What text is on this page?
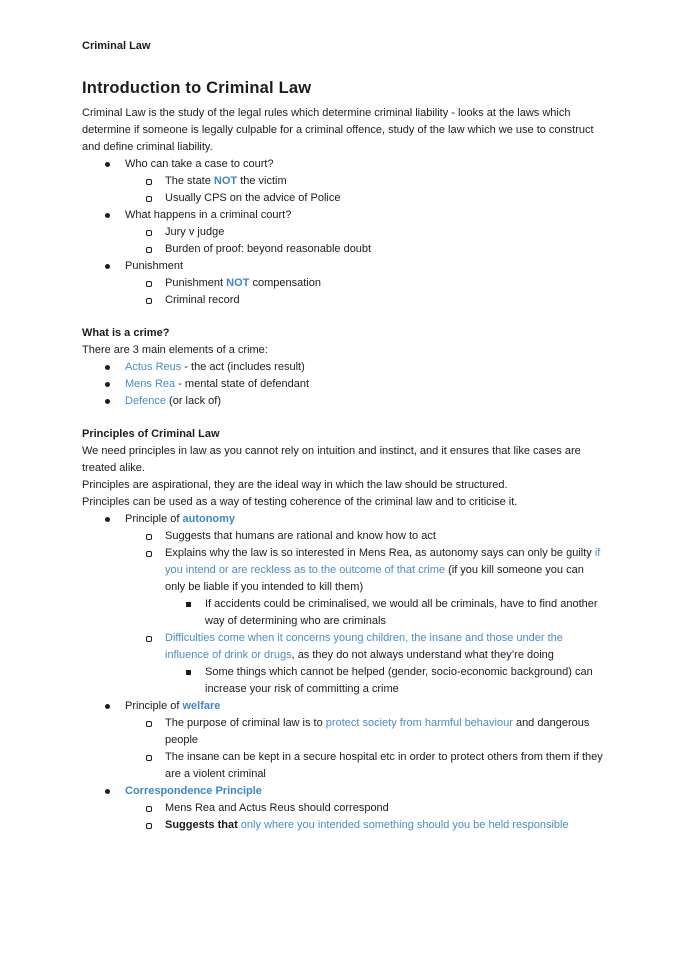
Criminal Law
Introduction to Criminal Law
Criminal Law is the study of the legal rules which determine criminal liability - looks at the laws which determine if someone is legally culpable for a criminal offence, study of the law which we use to construct and define criminal liability.
Who can take a case to court?
The state NOT the victim
Usually CPS on the advice of Police
What happens in a criminal court?
Jury v judge
Burden of proof: beyond reasonable doubt
Punishment
Punishment NOT compensation
Criminal record
What is a crime?
There are 3 main elements of a crime:
Actus Reus - the act (includes result)
Mens Rea - mental state of defendant
Defence (or lack of)
Principles of Criminal Law
We need principles in law as you cannot rely on intuition and instinct, and it ensures that like cases are treated alike.
Principles are aspirational, they are the ideal way in which the law should be structured.
Principles can be used as a way of testing coherence of the criminal law and to criticise it.
Principle of autonomy
Suggests that humans are rational and know how to act
Explains why the law is so interested in Mens Rea, as autonomy says can only be guilty if you intend or are reckless as to the outcome of that crime (if you kill someone you can only be liable if you intended to kill them)
If accidents could be criminalised, we would all be criminals, have to find another way of determining who are criminals
Difficulties come when it concerns young children, the insane and those under the influence of drink or drugs, as they do not always understand what they’re doing
Some things which cannot be helped (gender, socio-economic background) can increase your risk of committing a crime
Principle of welfare
The purpose of criminal law is to protect society from harmful behaviour and dangerous people
The insane can be kept in a secure hospital etc in order to protect others from them if they are a violent criminal
Correspondence Principle
Mens Rea and Actus Reus should correspond
Suggests that only where you intended something should you be held responsible
